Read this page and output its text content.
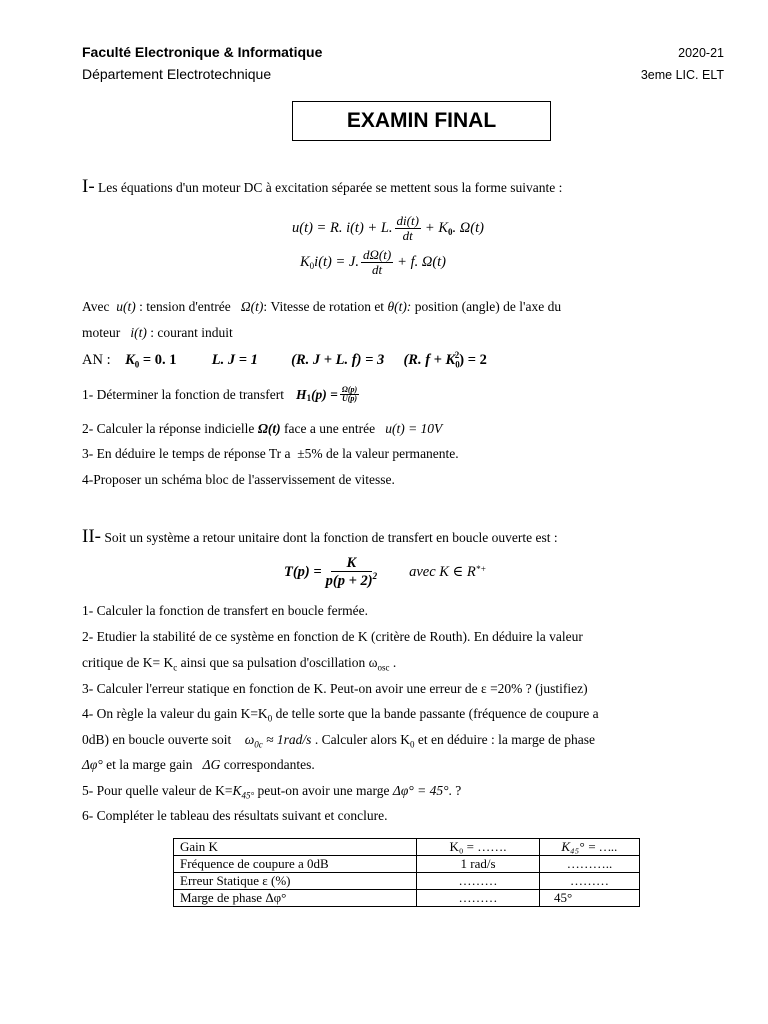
Faculté Electronique & Informatique
Département Electrotechnique
2020-21
3eme LIC. ELT
EXAMIN FINAL
I- Les équations d'un moteur DC à excitation séparée se mettent sous la forme suivante :
u(t) = R. i(t) + L. $\frac{di(t)}{dt} + K_0$ . Ω(t)
$K_0$ i(t) = J. $\frac{d\Omega(t)}{dt} + f$. Ω(t)
Avec u(t) : tension d'entrée Ω(t): Vitesse de rotation et θ(t): position (angle) de l'axe du
moteur i(t) : courant induit
AN : $K_0 = 0$. 1 L. J = 1 (R. J + L. f) = 3 (R. $f + K_0^2) = 2$
1- Déterminer la fonction de transfert $H_1$ $(p) = \frac{\Omega(p)}{U(p)}$
2- Calculer la réponse indicielle Ω(t) face a une entrée u(t) = 10V
3- En déduire le temps de réponse Tr a ±5% de la valeur permanente.
4-Proposer un schéma bloc de l'asservissement de vitesse.
II- Soit un système a retour unitaire dont la fonction de transfert en boucle ouverte est :
$T(p) = \frac{K}{p(p + 2)^2}$ avec K ∈ R*+
1- Calculer la fonction de transfert en boucle fermée.
2- Etudier la stabilité de ce système en fonction de K (critère de Routh). En déduire la valeur
critique de $K= K_c$ ainsi que sa pulsation d'oscillation $\omega_{osc}$ .
3- Calculer l'erreur statique en fonction de K. Peut-on avoir une erreur de ε =20% ? (justifiez)
4- On règle la valeur du gain $K=K_0$ de telle sorte que la bande passante (fréquence de coupure a
0dB) en boucle ouverte soit $\omega_{0c} \approx 1rad/s$ . Calculer alors $K_0$ et en déduire : la marge de phase
Δφ° et la marge gain ΔG correspondantes.
5- Pour quelle valeur de $K=K_{45^\circ}$ peut-on avoir une marge Δφ° = 45°. ?
6- Compléter le tableau des résultats suivant et conclure.
Gain K	K₀ = …….	K₄₅° = …..
Fréquence de coupure a 0dB	1 rad/s	………..
Erreur Statique ε (%)	………	………
Marge de phase Δφ°	………	45°
